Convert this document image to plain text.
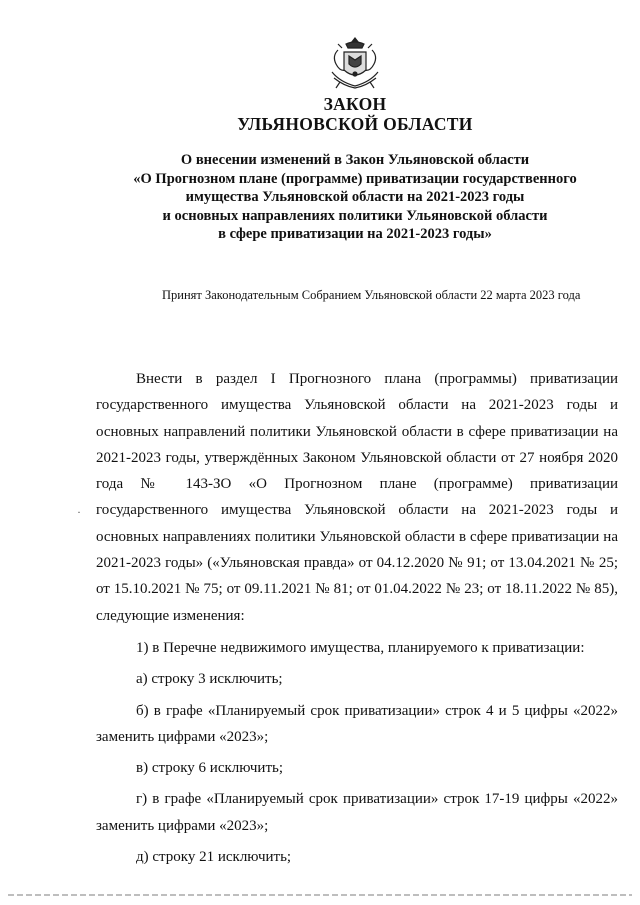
ЗАКОН
УЛЬЯНОВСКОЙ ОБЛАСТИ
О внесении изменений в Закон Ульяновской области
«О Прогнозном плане (программе) приватизации государственного
имущества Ульяновской области на 2021-2023 годы
и основных направлениях политики Ульяновской области
в сфере приватизации на 2021-2023 годы»
Принят Законодательным Собранием Ульяновской области 22 марта 2023 года
·

Внести в раздел I Прогнозного плана (программы) приватизации государственного имущества Ульяновской области на 2021-2023 годы и основных направлений политики Ульяновской области в сфере приватизации на 2021-2023 годы, утверждённых Законом Ульяновской области от 27 ноября 2020 года № 143-ЗО «О Прогнозном плане (программе) приватизации государственного имущества Ульяновской области на 2021-2023 годы и основных направлениях политики Ульяновской области в сфере приватизации на 2021-2023 годы» («Ульяновская правда» от 04.12.2020 № 91; от 13.04.2021 № 25; от 15.10.2021 № 75; от 09.11.2021 № 81; от 01.04.2022 № 23; от 18.11.2022 № 85), следующие изменения:

1) в Перечне недвижимого имущества, планируемого к приватизации:

а) строку 3 исключить;

б) в графе «Планируемый срок приватизации» строк 4 и 5 цифры «2022» заменить цифрами «2023»;

в) строку 6 исключить;

г) в графе «Планируемый срок приватизации» строк 17-19 цифры «2022» заменить цифрами «2023»;

д) строку 21 исключить;
